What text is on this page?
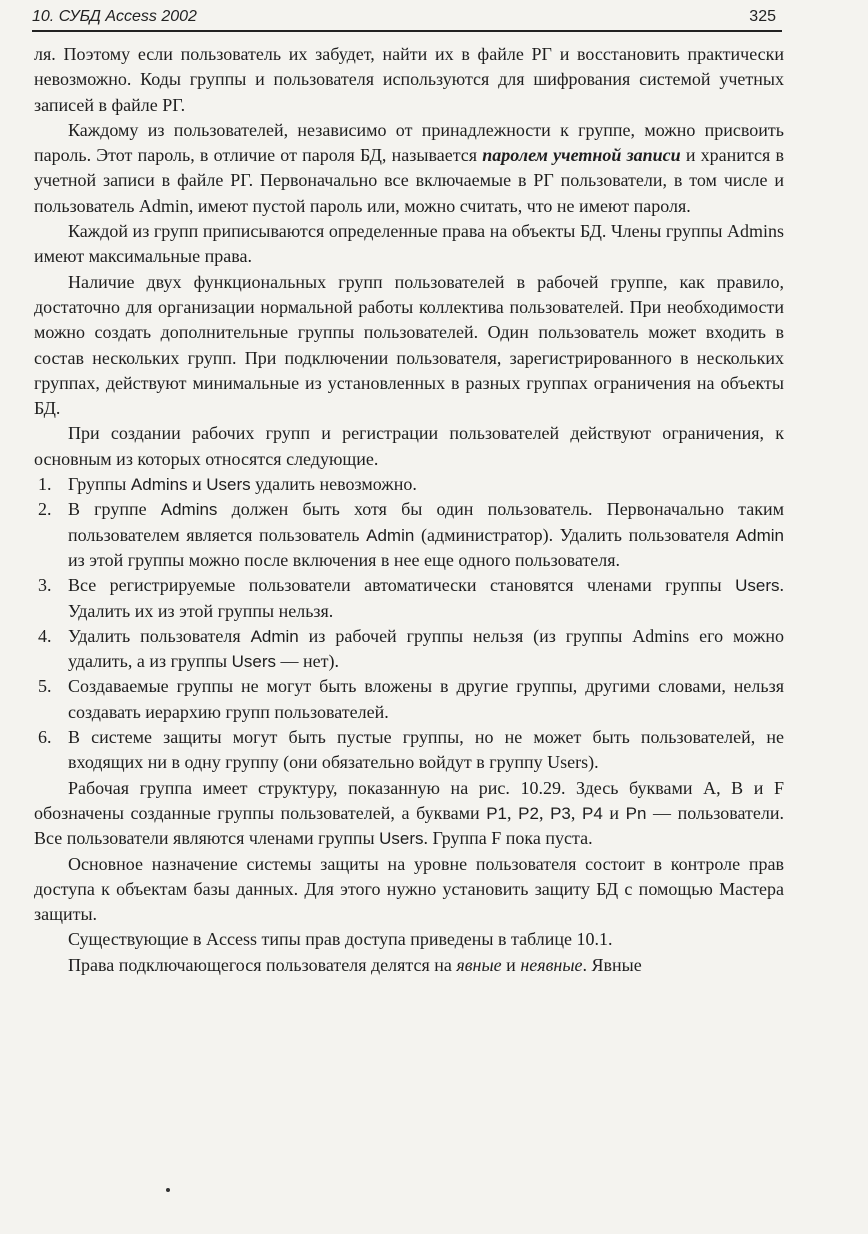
10. СУБД Access 2002	325

ля. Поэтому если пользователь их забудет, найти их в файле РГ и восстановить практически невозможно. Коды группы и пользователя используются для шифрования системой учетных записей в файле РГ.

Каждому из пользователей, независимо от принадлежности к группе, можно присвоить пароль. Этот пароль, в отличие от пароля БД, называется паролем учетной записи и хранится в учетной записи в файле РГ. Первоначально все включаемые в РГ пользователи, в том числе и пользователь Admin, имеют пустой пароль или, можно считать, что не имеют пароля.

Каждой из групп приписываются определенные права на объекты БД. Члены группы Admins имеют максимальные права.

Наличие двух функциональных групп пользователей в рабочей группе, как правило, достаточно для организации нормальной работы коллектива пользователей. При необходимости можно создать дополнительные группы пользователей. Один пользователь может входить в состав нескольких групп. При подключении пользователя, зарегистрированного в нескольких группах, действуют минимальные из установленных в разных группах ограничения на объекты БД.

При создании рабочих групп и регистрации пользователей действуют ограничения, к основным из которых относятся следующие.

1. Группы Admins и Users удалить невозможно.
2. В группе Admins должен быть хотя бы один пользователь. Первоначально таким пользователем является пользователь Admin (администратор). Удалить пользователя Admin из этой группы можно после включения в нее еще одного пользователя.
3. Все регистрируемые пользователи автоматически становятся членами группы Users. Удалить их из этой группы нельзя.
4. Удалить пользователя Admin из рабочей группы нельзя (из группы Admins его можно удалить, а из группы Users — нет).
5. Создаваемые группы не могут быть вложены в другие группы, другими словами, нельзя создавать иерархию групп пользователей.
6. В системе защиты могут быть пустые группы, но не может быть пользователей, не входящих ни в одну группу (они обязательно войдут в группу Users).

Рабочая группа имеет структуру, показанную на рис. 10.29. Здесь буквами A, B и F обозначены созданные группы пользователей, а буквами P1, P2, P3, P4 и Pn — пользователи. Все пользователи являются членами группы Users. Группа F пока пуста.

Основное назначение системы защиты на уровне пользователя состоит в контроле прав доступа к объектам базы данных. Для этого нужно установить защиту БД с помощью Мастера защиты.

Существующие в Access типы прав доступа приведены в таблице 10.1.

Права подключающегося пользователя делятся на явные и неявные. Явные
